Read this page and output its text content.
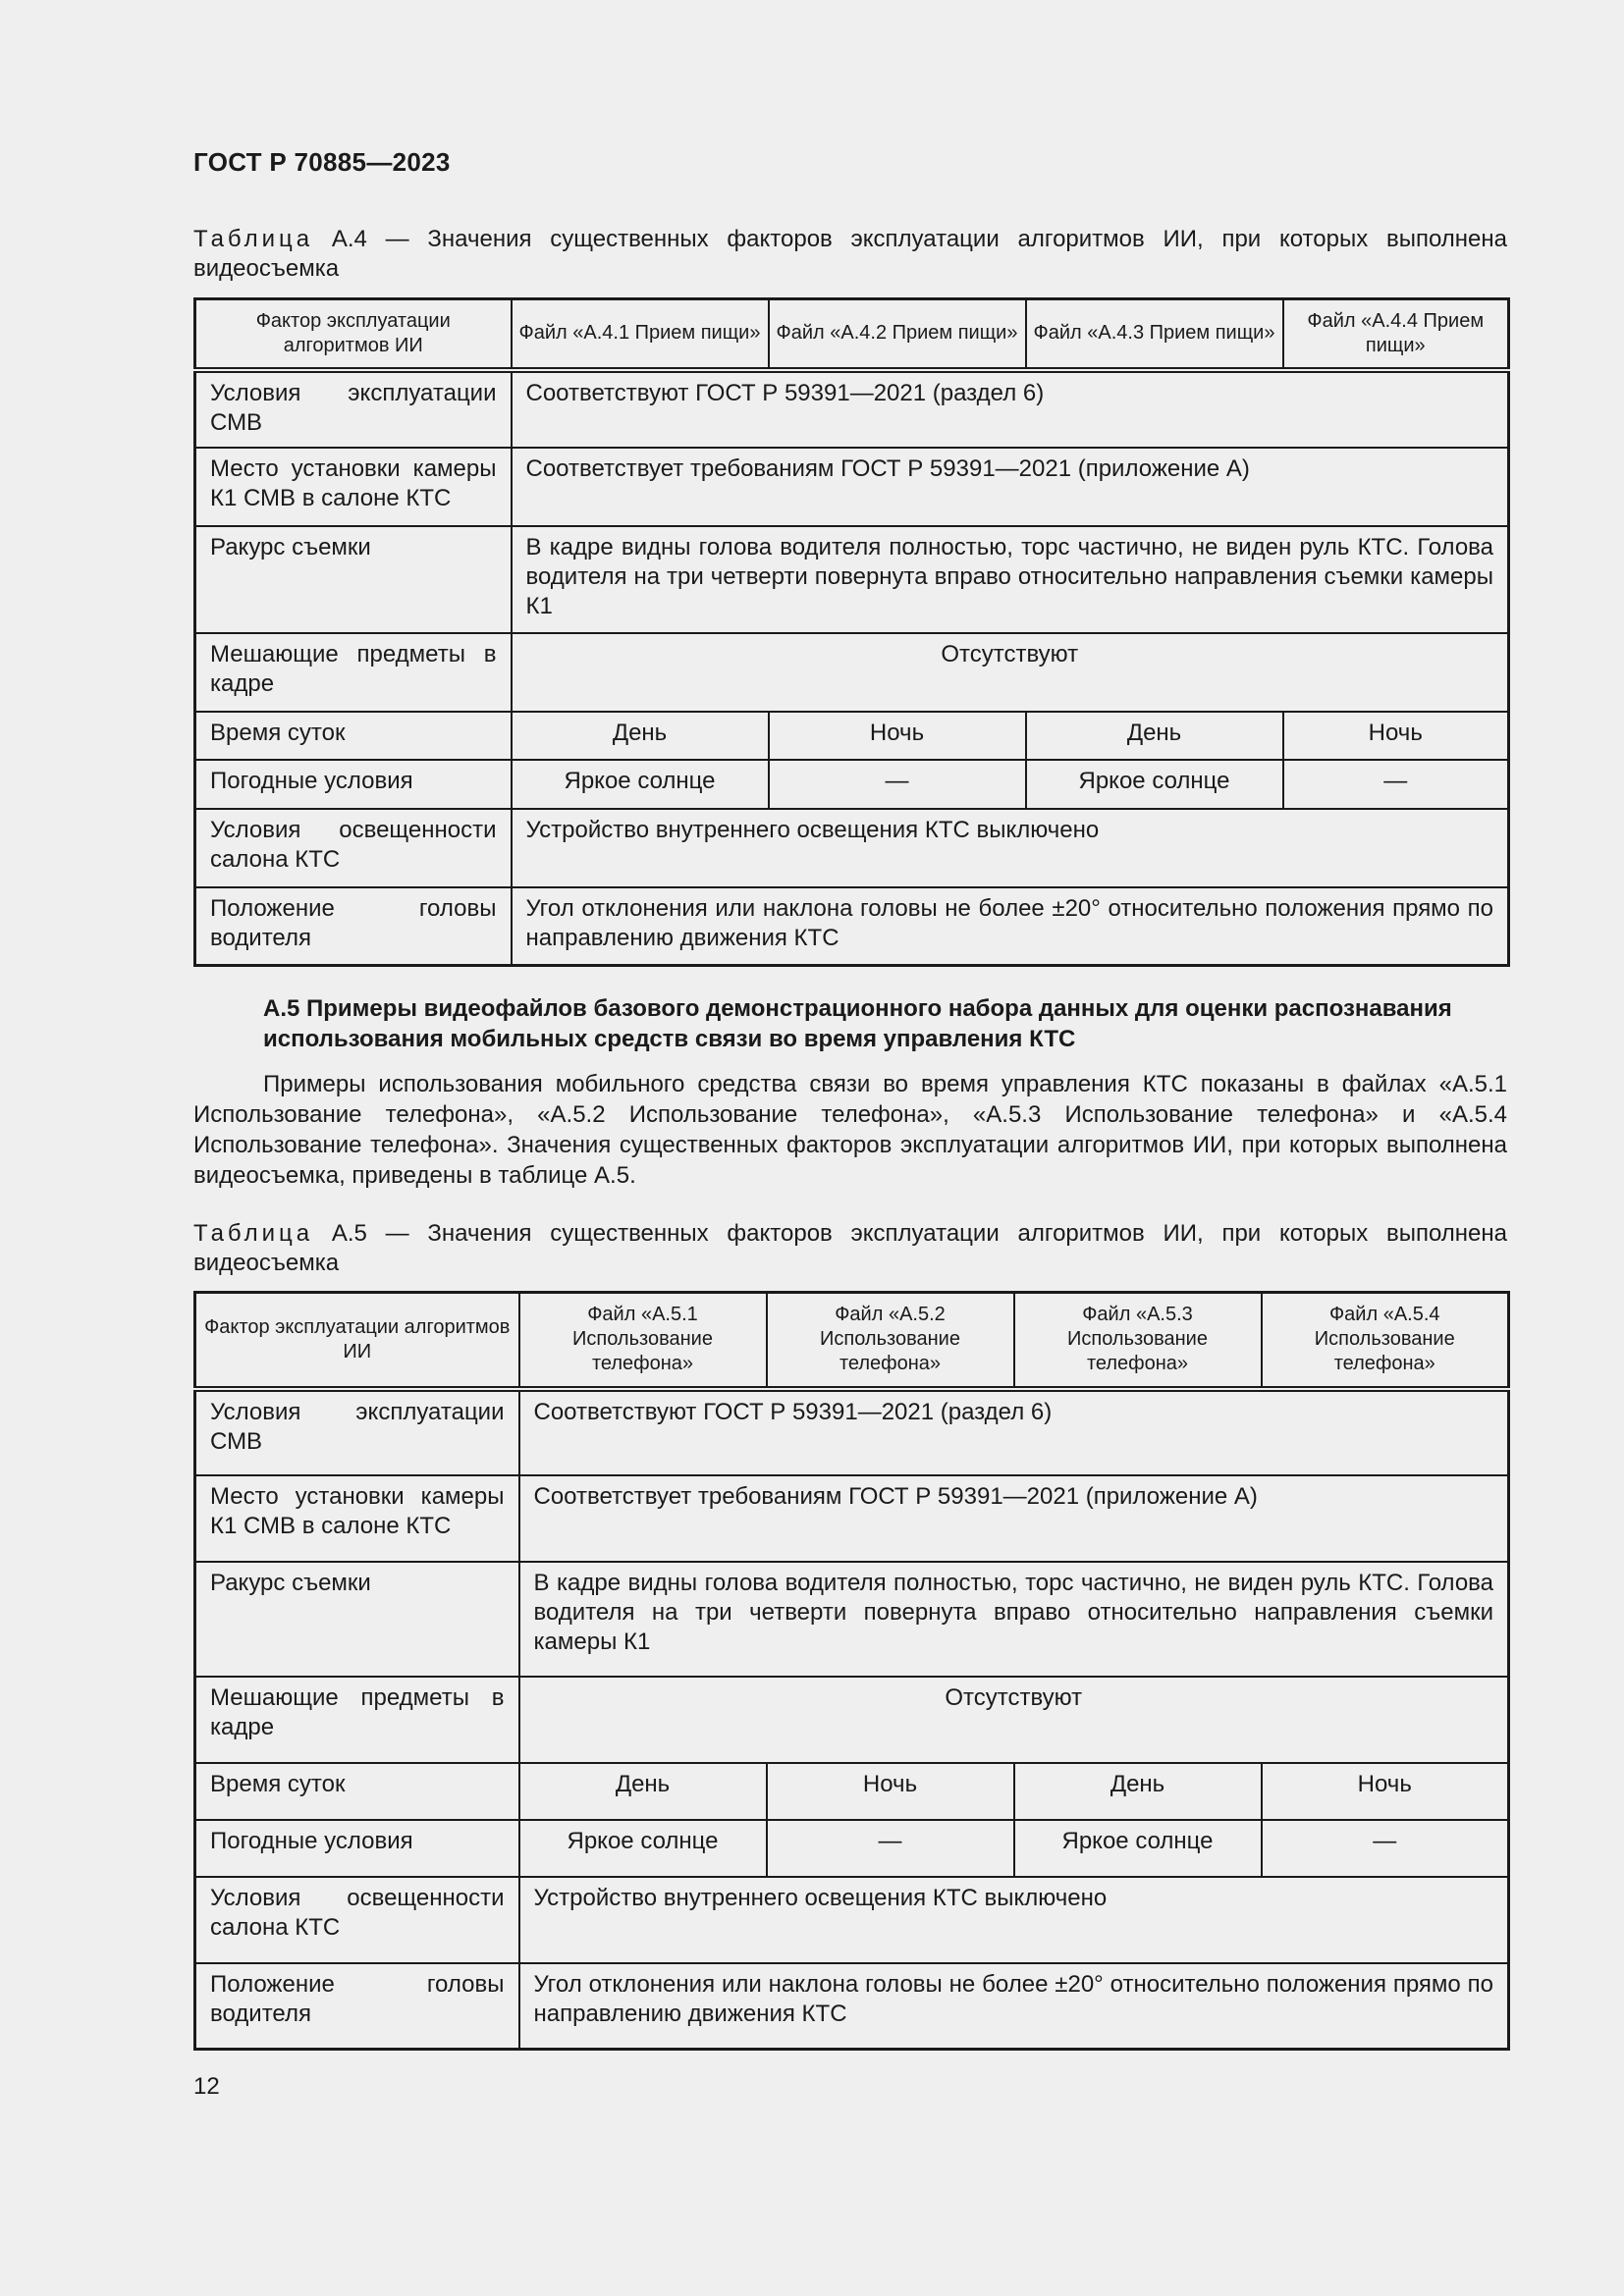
ГОСТ Р 70885—2023
Таблица А.4 — Значения существенных факторов эксплуатации алгоритмов ИИ, при которых выполнена видеосъемка
Фактор эксплуатации алгоритмов ИИ	Файл «А.4.1 Прием пищи»	Файл «А.4.2 Прием пищи»	Файл «А.4.3 Прием пищи»	Файл «А.4.4 Прием пищи»
Условия эксплуатации СМВ	Соответствуют ГОСТ Р 59391—2021 (раздел 6)			
Место установки камеры К1 СМВ в салоне КТС	Соответствует требованиям ГОСТ Р 59391—2021 (приложение А)			
Ракурс съемки	В кадре видны голова водителя полностью, торс частично, не виден руль КТС. Голова водителя на три четверти повернута вправо относительно направления съемки камеры К1			
Мешающие предметы в кадре	Отсутствуют			
Время суток	День	Ночь	День	Ночь
Погодные условия	Яркое солнце	—	Яркое солнце	—
Условия освещенности салона КТС	Устройство внутреннего освещения КТС выключено			
Положение головы водителя	Угол отклонения или наклона головы не более ±20° относительно положения прямо по направлению движения КТС			
А.5 Примеры видеофайлов базового демонстрационного набора данных для оценки распознавания использования мобильных средств связи во время управления КТС
Примеры использования мобильного средства связи во время управления КТС показаны в файлах «А.5.1 Использование телефона», «А.5.2 Использование телефона», «А.5.3 Использование телефона» и «А.5.4 Использование телефона». Значения существенных факторов эксплуатации алгоритмов ИИ, при которых выполнена видеосъемка, приведены в таблице А.5.
Таблица А.5 — Значения существенных факторов эксплуатации алгоритмов ИИ, при которых выполнена видеосъемка
Фактор эксплуатации алгоритмов ИИ	Файл «А.5.1 Использование телефона»	Файл «А.5.2 Использование телефона»	Файл «А.5.3 Использование телефона»	Файл «А.5.4 Использование телефона»
Условия эксплуатации СМВ	Соответствуют ГОСТ Р 59391—2021 (раздел 6)			
Место установки камеры К1 СМВ в салоне КТС	Соответствует требованиям ГОСТ Р 59391—2021 (приложение А)			
Ракурс съемки	В кадре видны голова водителя полностью, торс частично, не виден руль КТС. Голова водителя на три четверти повернута вправо относительно направления съемки камеры К1			
Мешающие предметы в кадре	Отсутствуют			
Время суток	День	Ночь	День	Ночь
Погодные условия	Яркое солнце	—	Яркое солнце	—
Условия освещенности салона КТС	Устройство внутреннего освещения КТС выключено			
Положение головы водителя	Угол отклонения или наклона головы не более ±20° относительно положения прямо по направлению движения КТС			
12
